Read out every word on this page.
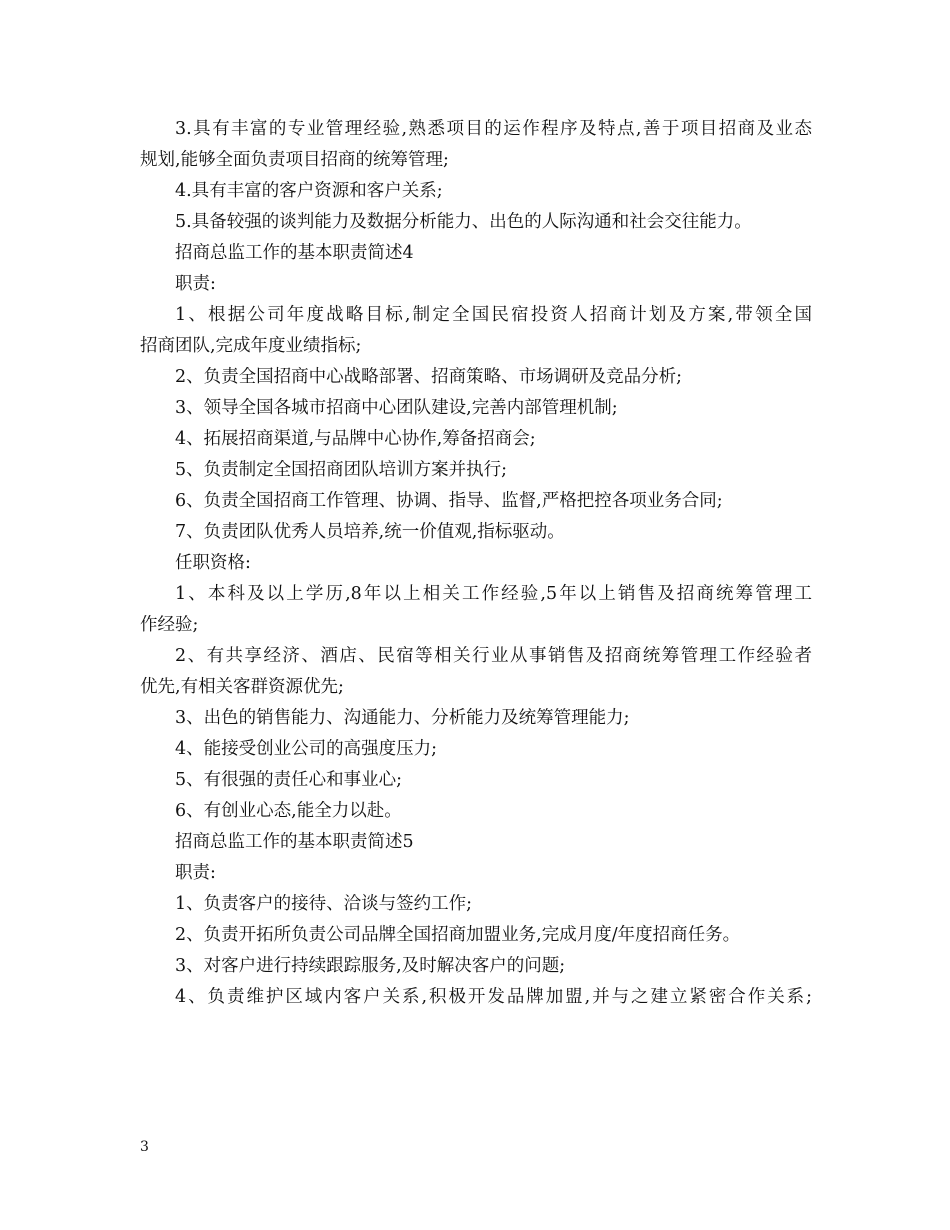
3.具有丰富的专业管理经验,熟悉项目的运作程序及特点,善于项目招商及业态
规划,能够全面负责项目招商的统筹管理;
4.具有丰富的客户资源和客户关系;
5.具备较强的谈判能力及数据分析能力、出色的人际沟通和社会交往能力。
招商总监工作的基本职责简述4
职责:
1、根据公司年度战略目标,制定全国民宿投资人招商计划及方案,带领全国
招商团队,完成年度业绩指标;
2、负责全国招商中心战略部署、招商策略、市场调研及竞品分析;
3、领导全国各城市招商中心团队建设,完善内部管理机制;
4、拓展招商渠道,与品牌中心协作,筹备招商会;
5、负责制定全国招商团队培训方案并执行;
6、负责全国招商工作管理、协调、指导、监督,严格把控各项业务合同;
7、负责团队优秀人员培养,统一价值观,指标驱动。
任职资格:
1、本科及以上学历,8年以上相关工作经验,5年以上销售及招商统筹管理工
作经验;
2、有共享经济、酒店、民宿等相关行业从事销售及招商统筹管理工作经验者
优先,有相关客群资源优先;
3、出色的销售能力、沟通能力、分析能力及统筹管理能力;
4、能接受创业公司的高强度压力;
5、有很强的责任心和事业心;
6、有创业心态,能全力以赴。
招商总监工作的基本职责简述5
职责:
1、负责客户的接待、洽谈与签约工作;
2、负责开拓所负责公司品牌全国招商加盟业务,完成月度/年度招商任务。
3、对客户进行持续跟踪服务,及时解决客户的问题;
4、负责维护区域内客户关系,积极开发品牌加盟,并与之建立紧密合作关系;
3
